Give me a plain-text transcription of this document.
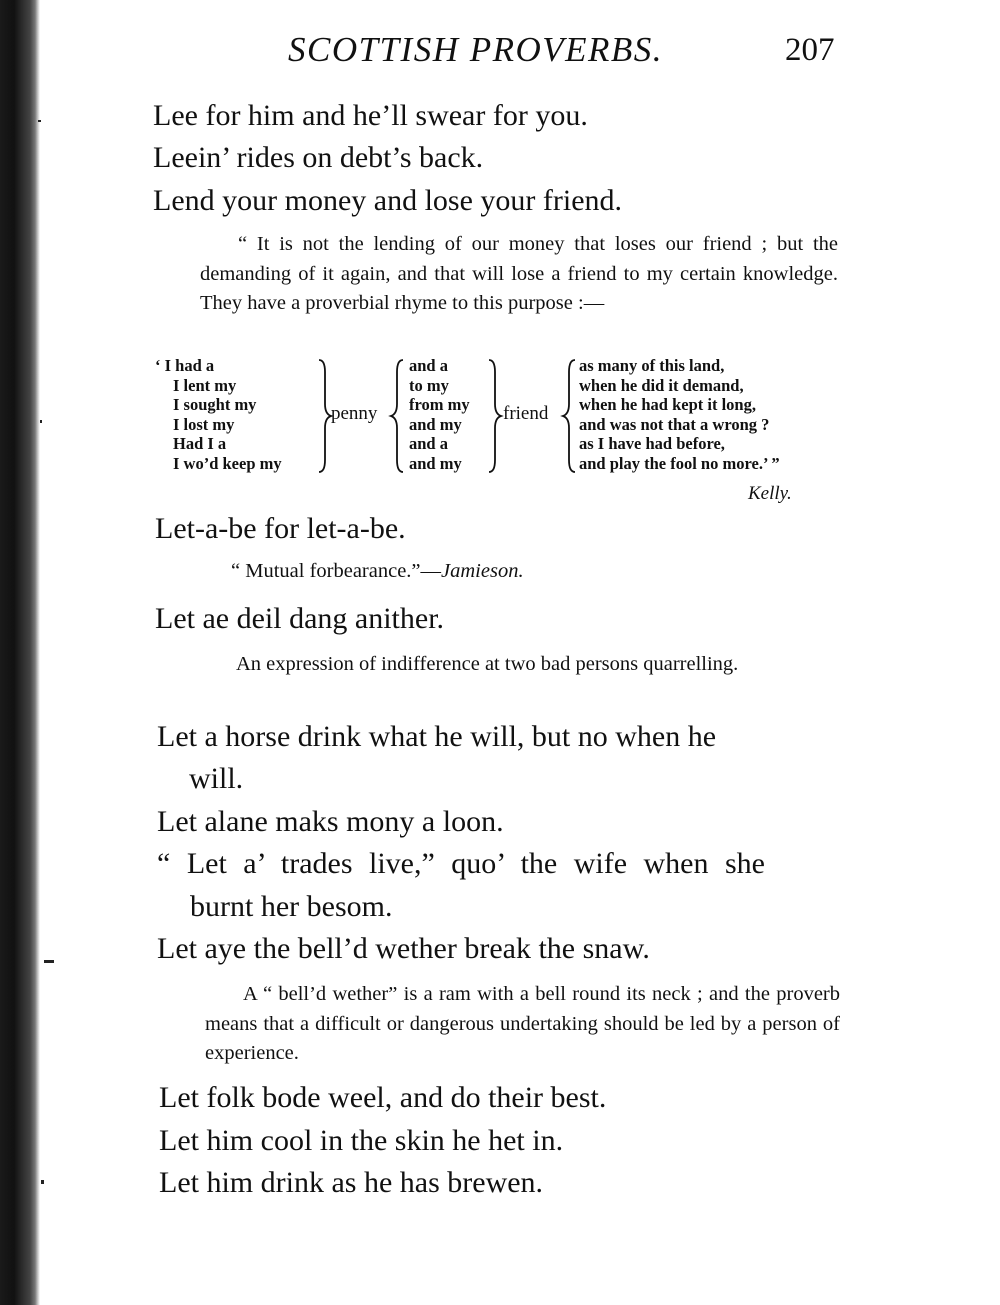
SCOTTISH PROVERBS.	207
Lee for him and he’ll swear for you.
Leein’ rides on debt’s back.
Lend your money and lose your friend.

“ It is not the lending of our money that loses our friend ; but the demanding of it again, and that will lose a friend to my certain knowledge. They have a proverbial rhyme to this purpose :—

‘ I had a
I lent my
I sought my
I lost my
Had I a
I wo’d keep my
penny
and a
to my
from my
and my
and a
and my
friend
as many of this land,
when he did it demand,
when he had kept it long,
and was not that a wrong ?
as I have had before,
and play the fool no more.’ ”
Kelly.
Let-a-be for let-a-be.
“ Mutual forbearance.”—Jamieson.
Let ae deil dang anither.

An expression of indifference at two bad persons quarrelling.

Let a horse drink what he will, but no when he
will.
Let alane maks mony a loon.
“ Let a’ trades live,” quo’ the wife when she
burnt her besom.
Let aye the bell’d wether break the snaw.

A “ bell’d wether” is a ram with a bell round its neck ; and the proverb means that a difficult or dangerous undertaking should be led by a person of experience.

Let folk bode weel, and do their best.
Let him cool in the skin he het in.
Let him drink as he has brewen.
